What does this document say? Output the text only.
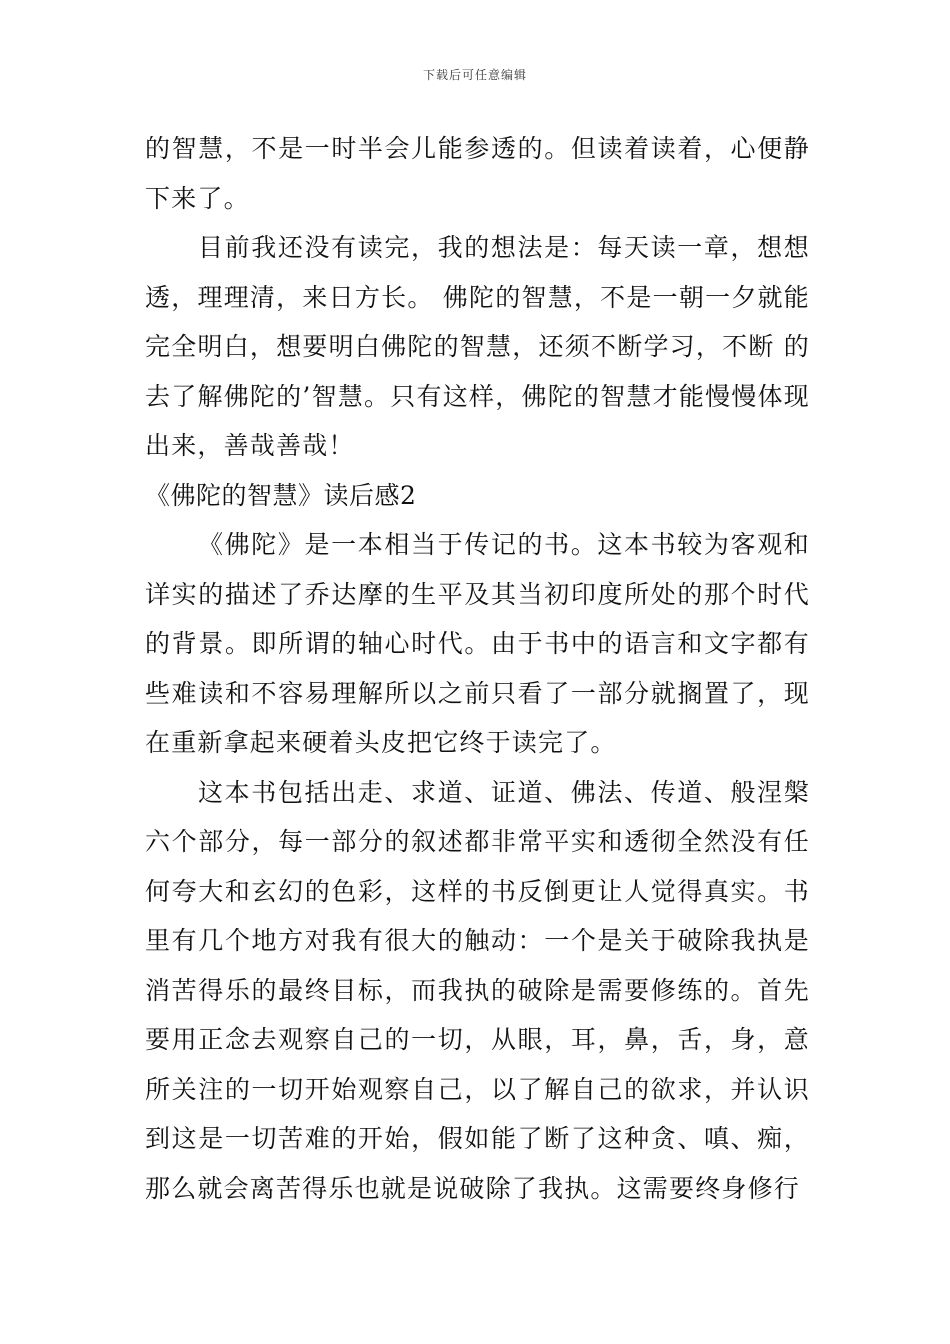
下载后可任意编辑

的智慧，不是一时半会儿能参透的。但读着读着，心便静下来了。

目前我还没有读完，我的想法是：每天读一章，想想透，理理清，来日方长。 佛陀的智慧，不是一朝一夕就能完全明白，想要明白佛陀的智慧，还须不断学习，不断 的去了解佛陀的’智慧。只有这样，佛陀的智慧才能慢慢体现出来，善哉善哉！

《佛陀的智慧》读后感2

《佛陀》是一本相当于传记的书。这本书较为客观和详实的描述了乔达摩的生平及其当初印度所处的那个时代的背景。即所谓的轴心时代。由于书中的语言和文字都有些难读和不容易理解所以之前只看了一部分就搁置了，现在重新拿起来硬着头皮把它终于读完了。

这本书包括出走、求道、证道、佛法、传道、般涅槃六个部分，每一部分的叙述都非常平实和透彻全然没有任何夸大和玄幻的色彩，这样的书反倒更让人觉得真实。书里有几个地方对我有很大的触动：一个是关于破除我执是消苦得乐的最终目标，而我执的破除是需要修练的。首先要用正念去观察自己的一切，从眼，耳，鼻，舌，身，意所关注的一切开始观察自己，以了解自己的欲求，并认识到这是一切苦难的开始，假如能了断了这种贪、嗔、痴，那么就会离苦得乐也就是说破除了我执。这需要终身修行
